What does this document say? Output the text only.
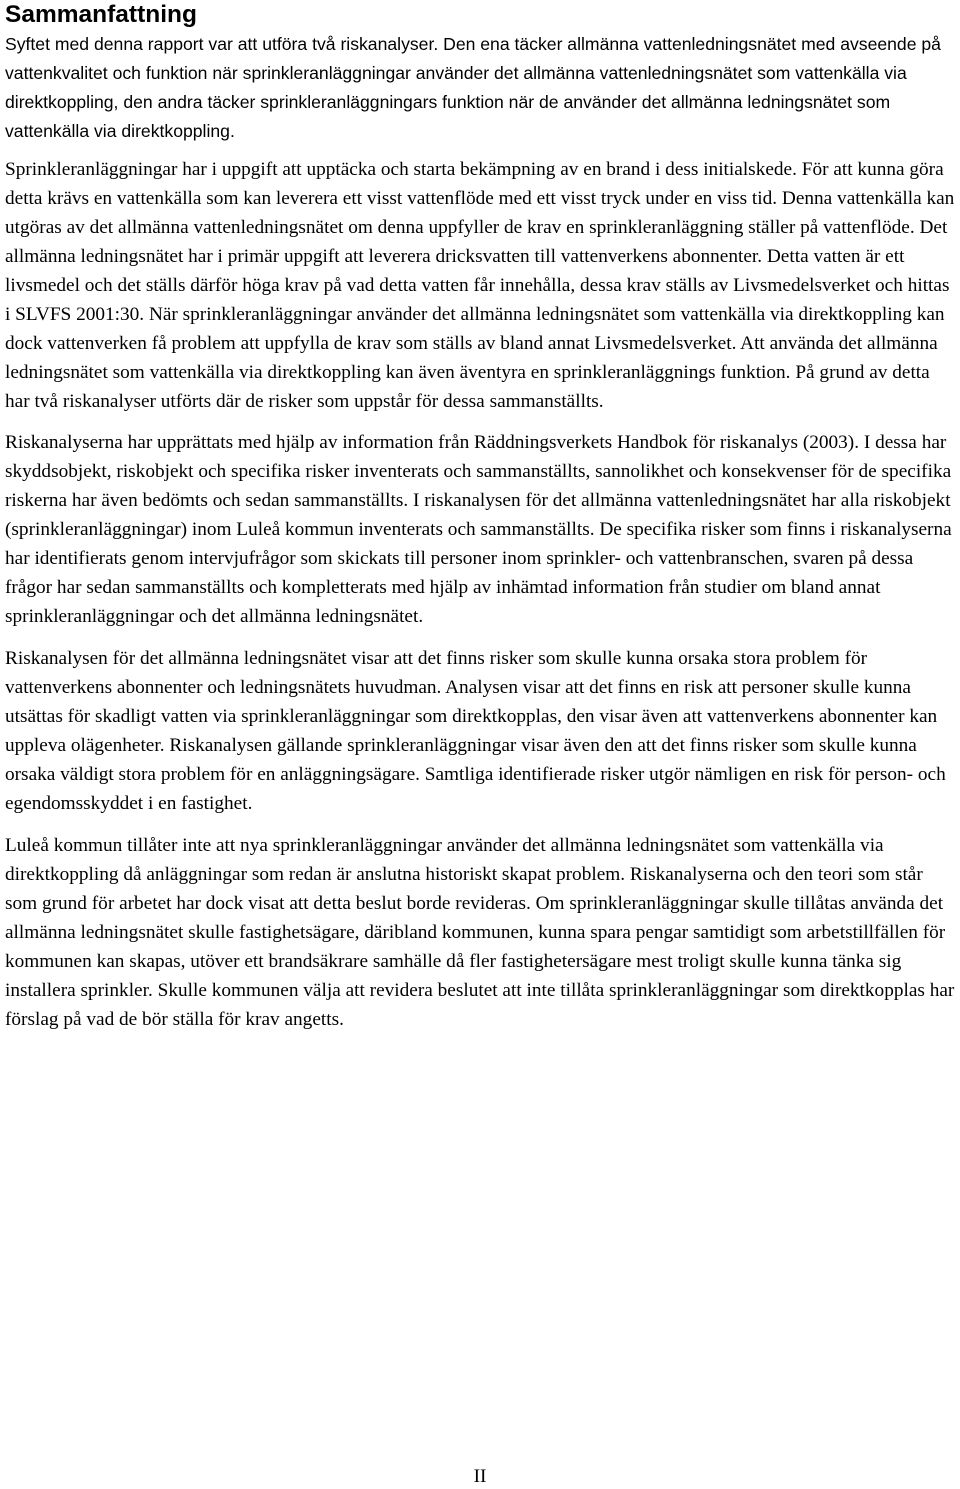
Sammanfattning

Syftet med denna rapport var att utföra två riskanalyser. Den ena täcker allmänna vattenledningsnätet med avseende på vattenkvalitet och funktion när sprinkleranläggningar använder det allmänna vattenledningsnätet som vattenkälla via direktkoppling, den andra täcker sprinkleranläggningars funktion när de använder det allmänna ledningsnätet som vattenkälla via direktkoppling.

Sprinkleranläggningar har i uppgift att upptäcka och starta bekämpning av en brand i dess initialskede. För att kunna göra detta krävs en vattenkälla som kan leverera ett visst vattenflöde med ett visst tryck under en viss tid. Denna vattenkälla kan utgöras av det allmänna vattenledningsnätet om denna uppfyller de krav en sprinkleranläggning ställer på vattenflöde. Det allmänna ledningsnätet har i primär uppgift att leverera dricksvatten till vattenverkens abonnenter. Detta vatten är ett livsmedel och det ställs därför höga krav på vad detta vatten får innehålla, dessa krav ställs av Livsmedelsverket och hittas i SLVFS 2001:30. När sprinkleranläggningar använder det allmänna ledningsnätet som vattenkälla via direktkoppling kan dock vattenverken få problem att uppfylla de krav som ställs av bland annat Livsmedelsverket. Att använda det allmänna ledningsnätet som vattenkälla via direktkoppling kan även äventyra en sprinkleranläggnings funktion. På grund av detta har två riskanalyser utförts där de risker som uppstår för dessa sammanställts.

Riskanalyserna har upprättats med hjälp av information från Räddningsverkets Handbok för riskanalys (2003). I dessa har skyddsobjekt, riskobjekt och specifika risker inventerats och sammanställts, sannolikhet och konsekvenser för de specifika riskerna har även bedömts och sedan sammanställts. I riskanalysen för det allmänna vattenledningsnätet har alla riskobjekt (sprinkleranläggningar) inom Luleå kommun inventerats och sammanställts. De specifika risker som finns i riskanalyserna har identifierats genom intervjufrågor som skickats till personer inom sprinkler- och vattenbranschen, svaren på dessa frågor har sedan sammanställts och kompletterats med hjälp av inhämtad information från studier om bland annat sprinkleranläggningar och det allmänna ledningsnätet.

Riskanalysen för det allmänna ledningsnätet visar att det finns risker som skulle kunna orsaka stora problem för vattenverkens abonnenter och ledningsnätets huvudman. Analysen visar att det finns en risk att personer skulle kunna utsättas för skadligt vatten via sprinkleranläggningar som direktkopplas, den visar även att vattenverkens abonnenter kan uppleva olägenheter. Riskanalysen gällande sprinkleranläggningar visar även den att det finns risker som skulle kunna orsaka väldigt stora problem för en anläggningsägare. Samtliga identifierade risker utgör nämligen en risk för person- och egendomsskyddet i en fastighet.

Luleå kommun tillåter inte att nya sprinkleranläggningar använder det allmänna ledningsnätet som vattenkälla via direktkoppling då anläggningar som redan är anslutna historiskt skapat problem. Riskanalyserna och den teori som står som grund för arbetet har dock visat att detta beslut borde revideras. Om sprinkleranläggningar skulle tillåtas använda det allmänna ledningsnätet skulle fastighetsägare, däribland kommunen, kunna spara pengar samtidigt som arbetstillfällen för kommunen kan skapas, utöver ett brandsäkrare samhälle då fler fastighetersägare mest troligt skulle kunna tänka sig installera sprinkler. Skulle kommunen välja att revidera beslutet att inte tillåta sprinkleranläggningar som direktkopplas har förslag på vad de bör ställa för krav angetts.

II
